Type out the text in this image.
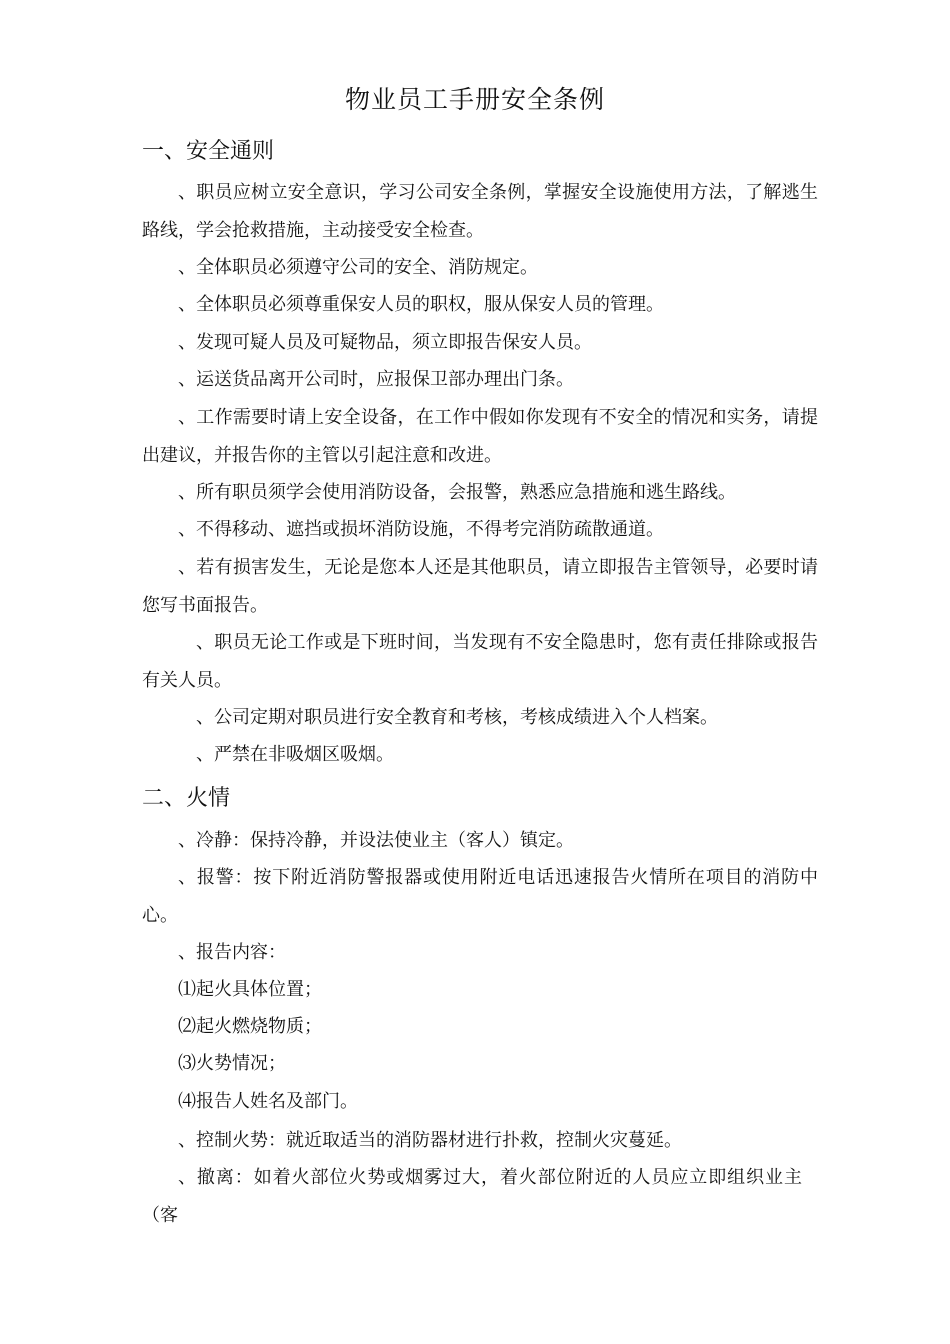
物业员工手册安全条例
一、安全通则
、职员应树立安全意识，学习公司安全条例，掌握安全设施使用方法，了解逃生路线，学会抢救措施，主动接受安全检查。
、全体职员必须遵守公司的安全、消防规定。
、全体职员必须尊重保安人员的职权，服从保安人员的管理。
、发现可疑人员及可疑物品，须立即报告保安人员。
、运送货品离开公司时，应报保卫部办理出门条。
、工作需要时请上安全设备，在工作中假如你发现有不安全的情况和实务，请提出建议，并报告你的主管以引起注意和改进。
、所有职员须学会使用消防设备，会报警，熟悉应急措施和逃生路线。
、不得移动、遮挡或损坏消防设施，不得考完消防疏散通道。
、若有损害发生，无论是您本人还是其他职员，请立即报告主管领导，必要时请您写书面报告。
、职员无论工作或是下班时间，当发现有不安全隐患时，您有责任排除或报告有关人员。
、公司定期对职员进行安全教育和考核，考核成绩进入个人档案。
、严禁在非吸烟区吸烟。
二、火情
、冷静：保持冷静，并设法使业主（客人）镇定。
、报警：按下附近消防警报器或使用附近电话迅速报告火情所在项目的消防中心。
、报告内容：
⑴起火具体位置；
⑵起火燃烧物质；
⑶火势情况；
⑷报告人姓名及部门。
、控制火势：就近取适当的消防器材进行扑救，控制火灾蔓延。
、撤离：如着火部位火势或烟雾过大，着火部位附近的人员应立即组织业主（客
